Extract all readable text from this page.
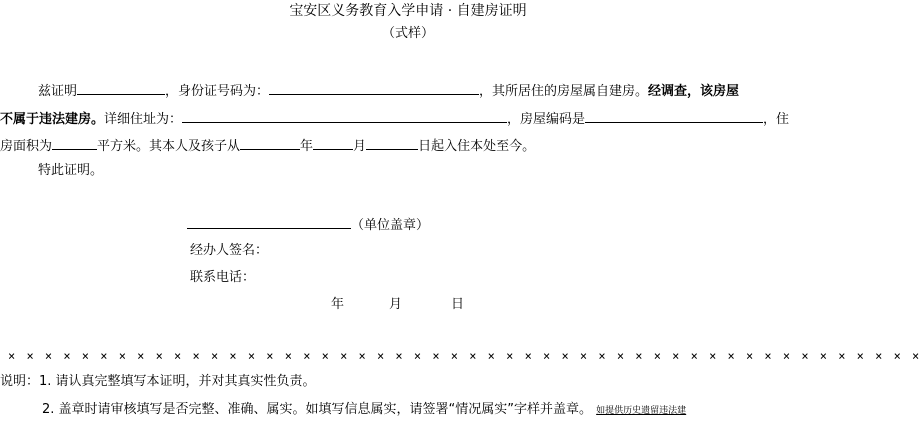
宝安区义务教育入学申请 · 自建房证明
（式样）
兹证明	，身份证号码为：	，其所居住的房屋属自建房。经调查，该房屋
不属于违法建房。详细住址为：	，房屋编码是	，住
房面积为	平方米。其本人及孩子从	年	月	日起入住本处至今。
特此证明。
（单位盖章）
经办人签名：
联系电话：
年	月	日
× × × × × × × × × × × × × × × × × × × × × × × × × × × × × × × × × × × × × × × × × × × × × × × × × ×
说明：1. 请认真完整填写本证明，并对其真实性负责。
2. 盖章时请审核填写是否完整、准确、属实。如填写信息属实，请签署“情况属实”字样并盖章。 如提供历史遗留违法建
